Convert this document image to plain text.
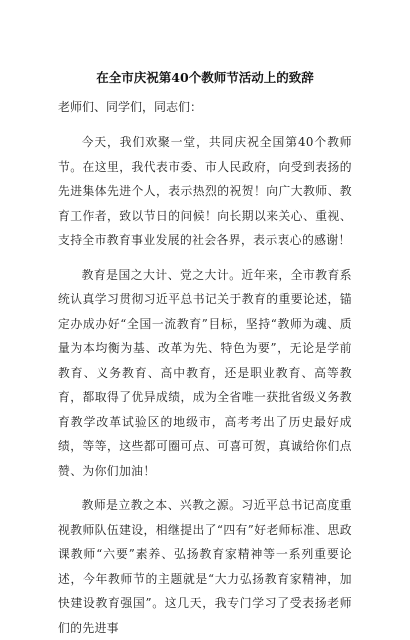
在全市庆祝第40个教师节活动上的致辞
老师们、同学们，同志们：

今天，我们欢聚一堂，共同庆祝全国第40个教师节。在这里，我代表市委、市人民政府，向受到表扬的先进集体先进个人，表示热烈的祝贺！向广大教师、教育工作者，致以节日的问候！向长期以来关心、重视、支持全市教育事业发展的社会各界，表示衷心的感谢！

教育是国之大计、党之大计。近年来，全市教育系统认真学习贯彻习近平总书记关于教育的重要论述，锚定办成办好“全国一流教育”目标，坚持“教师为魂、质量为本均衡为基、改革为先、特色为要”，无论是学前教育、义务教育、高中教育，还是职业教育、高等教育，都取得了优异成绩，成为全省唯一获批省级义务教育教学改革试验区的地级市，高考考出了历史最好成绩，等等，这些都可圈可点、可喜可贺，真诚给你们点赞、为你们加油！

教师是立教之本、兴教之源。习近平总书记高度重视教师队伍建设，相继提出了“四有”好老师标准、思政课教师“六要”素养、弘扬教育家精神等一系列重要论述，今年教师节的主题就是“大力弘扬教育家精神，加快建设教育强国”。这几天，我专门学习了受表扬老师们的先进事
